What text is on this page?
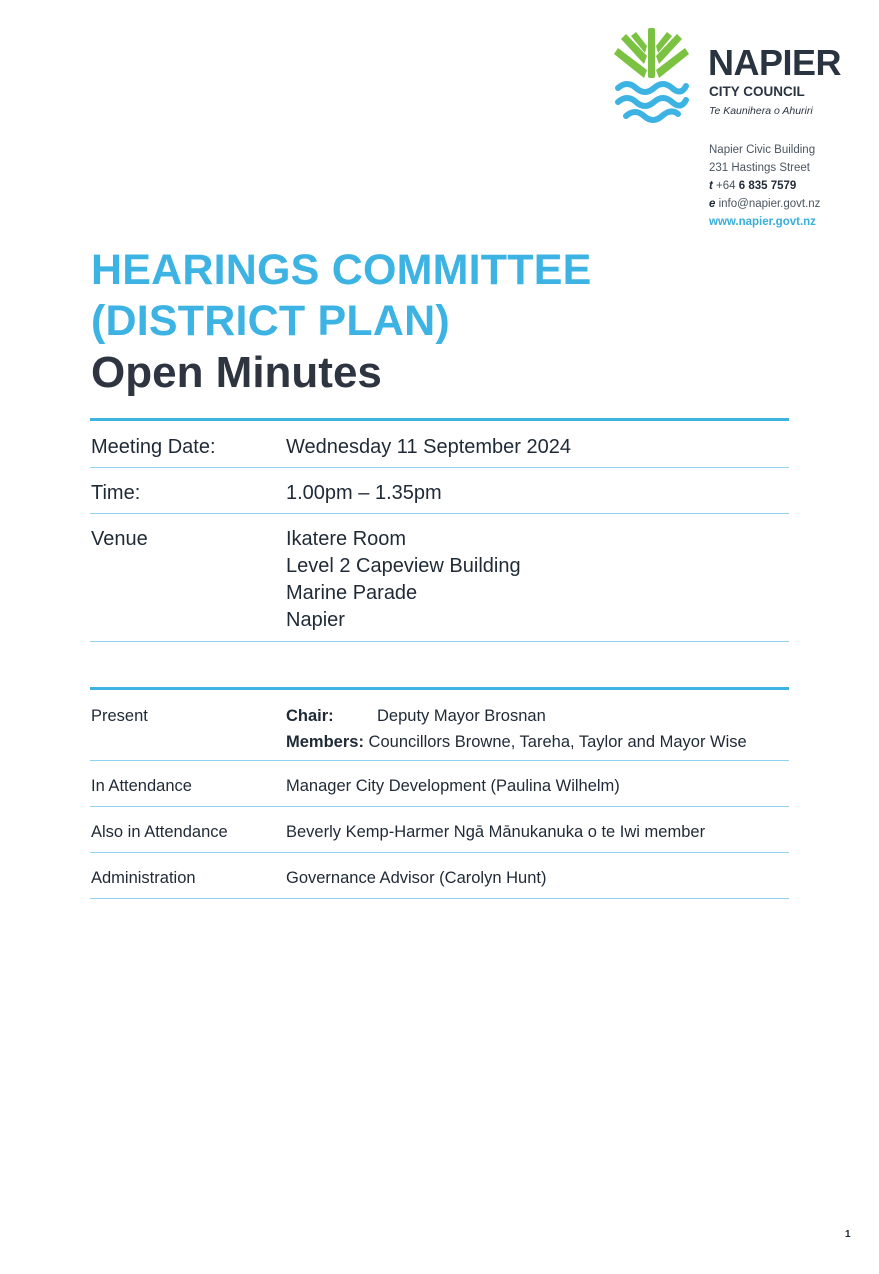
NAPIER
CITY COUNCIL
Te Kaunihera o Ahuriri
Napier Civic Building
231 Hastings Street
t +64 6 835 7579
e info@napier.govt.nz
www.napier.govt.nz
HEARINGS COMMITTEE
(DISTRICT PLAN)
Open Minutes
Meeting Date:	Wednesday 11 September 2024
Time:	1.00pm – 1.35pm
Venue	Ikatere Room
Level 2 Capeview Building
Marine Parade
Napier
Present	Chair:	Deputy Mayor Brosnan
Members: Councillors Browne, Tareha, Taylor and Mayor Wise
In Attendance	Manager City Development (Paulina Wilhelm)
Also in Attendance	Beverly Kemp-Harmer Ngā Mānukanuka o te Iwi member
Administration	Governance Advisor (Carolyn Hunt)
1
